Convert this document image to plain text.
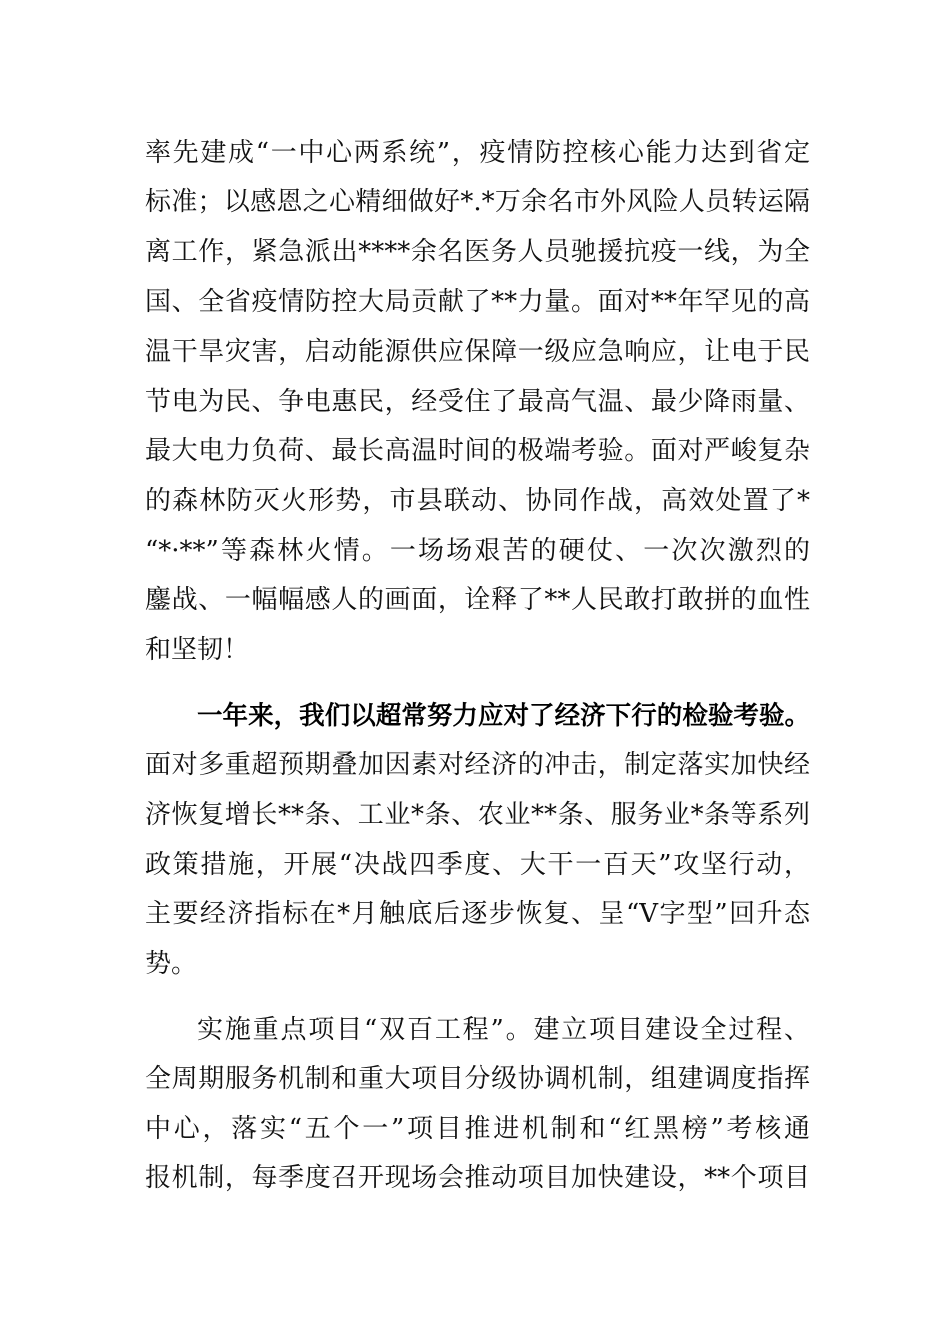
率先建成“一中心两系统”，疫情防控核心能力达到省定
标准；以感恩之心精细做好*.*万余名市外风险人员转运隔
离工作，紧急派出****余名医务人员驰援抗疫一线，为全
国、全省疫情防控大局贡献了**力量。面对**年罕见的高
温干旱灾害，启动能源供应保障一级应急响应，让电于民
节电为民、争电惠民，经受住了最高气温、最少降雨量、
最大电力负荷、最长高温时间的极端考验。面对严峻复杂
的森林防灭火形势，市县联动、协同作战，高效处置了*
“*·**”等森林火情。一场场艰苦的硬仗、一次次激烈的
鏖战、一幅幅感人的画面，诠释了**人民敢打敢拼的血性
和坚韧！
一年来，我们以超常努力应对了经济下行的检验考验。
面对多重超预期叠加因素对经济的冲击，制定落实加快经
济恢复增长**条、工业*条、农业**条、服务业*条等系列
政策措施，开展“决战四季度、大干一百天”攻坚行动，
主要经济指标在*月触底后逐步恢复、呈“V字型”回升态
势。
实施重点项目“双百工程”。建立项目建设全过程、
全周期服务机制和重大项目分级协调机制，组建调度指挥
中心，落实“五个一”项目推进机制和“红黑榜”考核通
报机制，每季度召开现场会推动项目加快建设，**个项目
